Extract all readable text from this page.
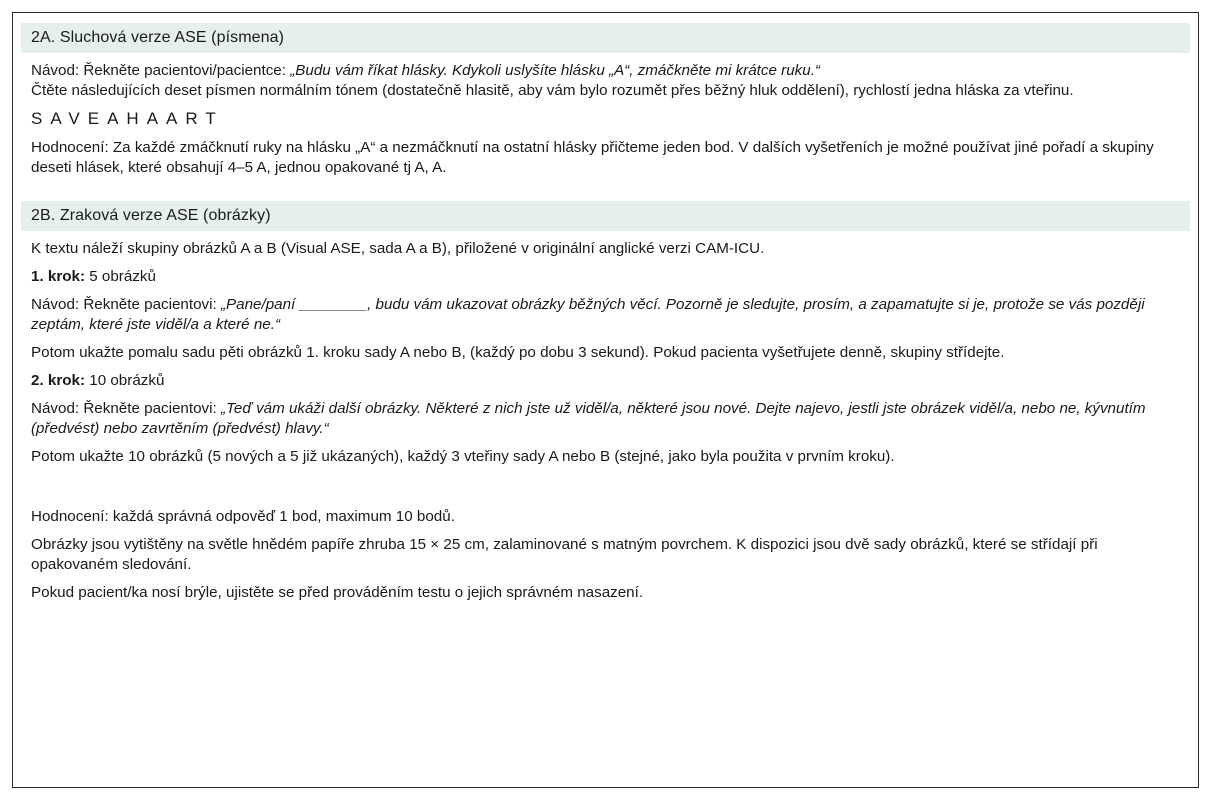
2A. Sluchová verze ASE (písmena)
Návod: Řekněte pacientovi/pacientce: „Budu vám říkat hlásky. Kdykoli uslyšíte hlásku „A“, zmáčkněte mi krátce ruku.“
Čtěte následujících deset písmen normálním tónem (dostatečně hlasitě, aby vám bylo rozumět přes běžný hluk oddělení), rychlostí jedna hláska za vteřinu.
SAVEAHAART
Hodnocení: Za každé zmáčknutí ruky na hlásku „A“ a nezmáčknutí na ostatní hlásky přičteme jeden bod. V dalších vyšetřeních je možné používat jiné pořadí a skupiny deseti hlásek, které obsahují 4–5 A, jednou opakované tj A, A.
2B. Zraková verze ASE (obrázky)
K textu náleží skupiny obrázků A a B (Visual ASE, sada A a B), přiložené v originální anglické verzi CAM-ICU.
1. krok: 5 obrázků
Návod: Řekněte pacientovi: „Pane/paní ________, budu vám ukazovat obrázky běžných věcí. Pozorně je sledujte, prosím, a zapamatujte si je, protože se vás později zeptám, které jste viděl/a a které ne.“
Potom ukažte pomalu sadu pěti obrázků 1. kroku sady A nebo B, (každý po dobu 3 sekund). Pokud pacienta vyšetřujete denně, skupiny střídejte.
2. krok: 10 obrázků
Návod: Řekněte pacientovi: „Teď vám ukáži další obrázky. Některé z nich jste už viděl/a, některé jsou nové. Dejte najevo, jestli jste obrázek viděl/a, nebo ne, kývnutím (předvést) nebo zavrtěním (předvést) hlavy.“
Potom ukažte 10 obrázků (5 nových a 5 již ukázaných), každý 3 vteřiny sady A nebo B (stejné, jako byla použita v prvním kroku).
Hodnocení: každá správná odpověď 1 bod, maximum 10 bodů.
Obrázky jsou vytištěny na světle hnědém papíře zhruba 15 × 25 cm, zalaminované s matným povrchem. K dispozici jsou dvě sady obrázků, které se střídají při opakovaném sledování.
Pokud pacient/ka nosí brýle, ujistěte se před prováděním testu o jejich správném nasazení.
